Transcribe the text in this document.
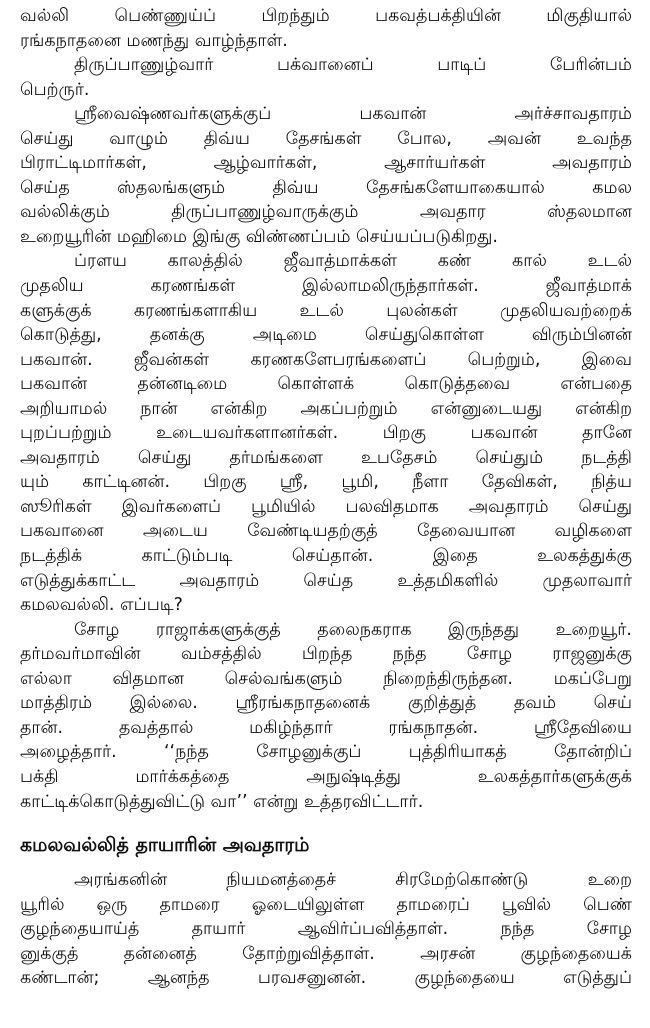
வல்லி பெண்ணுய்ப் பிறந்தும் பகவத்பக்தியின் மிகுதியால்
ரங்கநாதனை மணந்து வாழ்ந்தாள்.
திருப்பாணுழ்வார் பக்வானைப் பாடிப் பேரின்பம்
பெற்ருர்.
ஸ்ரீவைஷ்ணவர்களுக்குப் பகவான் அர்ச்சாவதாரம்
செய்து வாழும் திவ்ய தேசங்கள் போல, அவன் உவந்த
பிராட்டிமார்கள், ஆழ்வார்கள், ஆசார்யர்கள் அவதாரம்
செய்த ஸ்தலங்களும் திவ்ய தேசங்களேயாகையால் கமல
வல்லிக்கும் திருப்பாணுழ்வாருக்கும் அவதார ஸ்தலமான
உறையூரின் மஹிமை இங்கு விண்ணப்பம் செய்யப்படுகிறது.
ப்ரளய காலத்தில் ஜீவாத்மாக்கள் கண் கால் உடல்
முதலிய கரணங்கள் இல்லாமலிருந்தார்கள். ஜீவாத்மாக்
களுக்குக் கரணங்களாகிய உடல் புலன்கள் முதலியவற்றைக்
கொடுத்து, தனக்கு அடிமை செய்துகொள்ள விரும்பினன்
பகவான். ஜீவன்கள் கரணகளேபரங்களைப் பெற்றும், இவை
பகவான் தன்னடிமை கொள்ளக் கொடுத்தவை என்பதை
அறியாமல் நான் என்கிற அகப்பற்றும் என்னுடையது என்கிற
புறப்பற்றும் உடையவர்களானர்கள். பிறகு பகவான் தானே
அவதாரம் செய்து தர்மங்களை உபதேசம் செய்தும் நடத்தி
யும் காட்டினன். பிறகு ஸ்ரீ, பூமி, நீளா தேவிகள், நித்ய
ஸூரிகள் இவர்களைப் பூமியில் பலவிதமாக அவதாரம் செய்து
பகவானை அடைய வேண்டியதற்குத் தேவையான வழிகளை
நடத்திக் காட்டும்படி செய்தான். இதை உலகத்துக்கு
எடுத்துக்காட்ட அவதாரம் செய்த உத்தமிகளில் முதலாவார்
கமலவல்லி. எப்படி?
சோழ ராஜாக்களுக்குத் தலைநகராக இருந்தது உறையூர்.
தர்மவர்மாவின் வம்சத்தில் பிறந்த நந்த சோழ ராஜனுக்கு
எல்லா விதமான செல்வங்களும் நிறைந்திருந்தன. மகப்பேறு
மாத்திரம் இல்லை. ஸ்ரீரங்கநாதனைக் குறித்துத் தவம் செய்
தான். தவத்தால் மகிழ்ந்தார் ரங்கநாதன். ஸ்ரீதேவியை
அழைத்தார். ‘‘நந்த சோழனுக்குப் புத்திரியாகத் தோன்றிப்
பக்தி மார்க்கத்தை அநுஷ்டித்து உலகத்தார்களுக்குக்
காட்டிக்கொடுத்துவிட்டு வா’’ என்று உத்தரவிட்டார்.
கமலவல்லித் தாயாரின் அவதாரம்
அரங்கனின் நியமனத்தைச் சிரமேற்கொண்டு உறை
யூரில் ஒரு தாமரை ஓடையிலுள்ள தாமரைப் பூவில் பெண்
குழந்தையாய்த் தாயார் ஆவிர்ப்பவித்தாள். நந்த சோழ
னுக்குத் தன்னைத் தோற்றுவித்தாள். அரசன் குழந்தையைக்
கண்டான்; ஆனந்த பரவசனுனன். குழந்தையை எடுத்துப்
